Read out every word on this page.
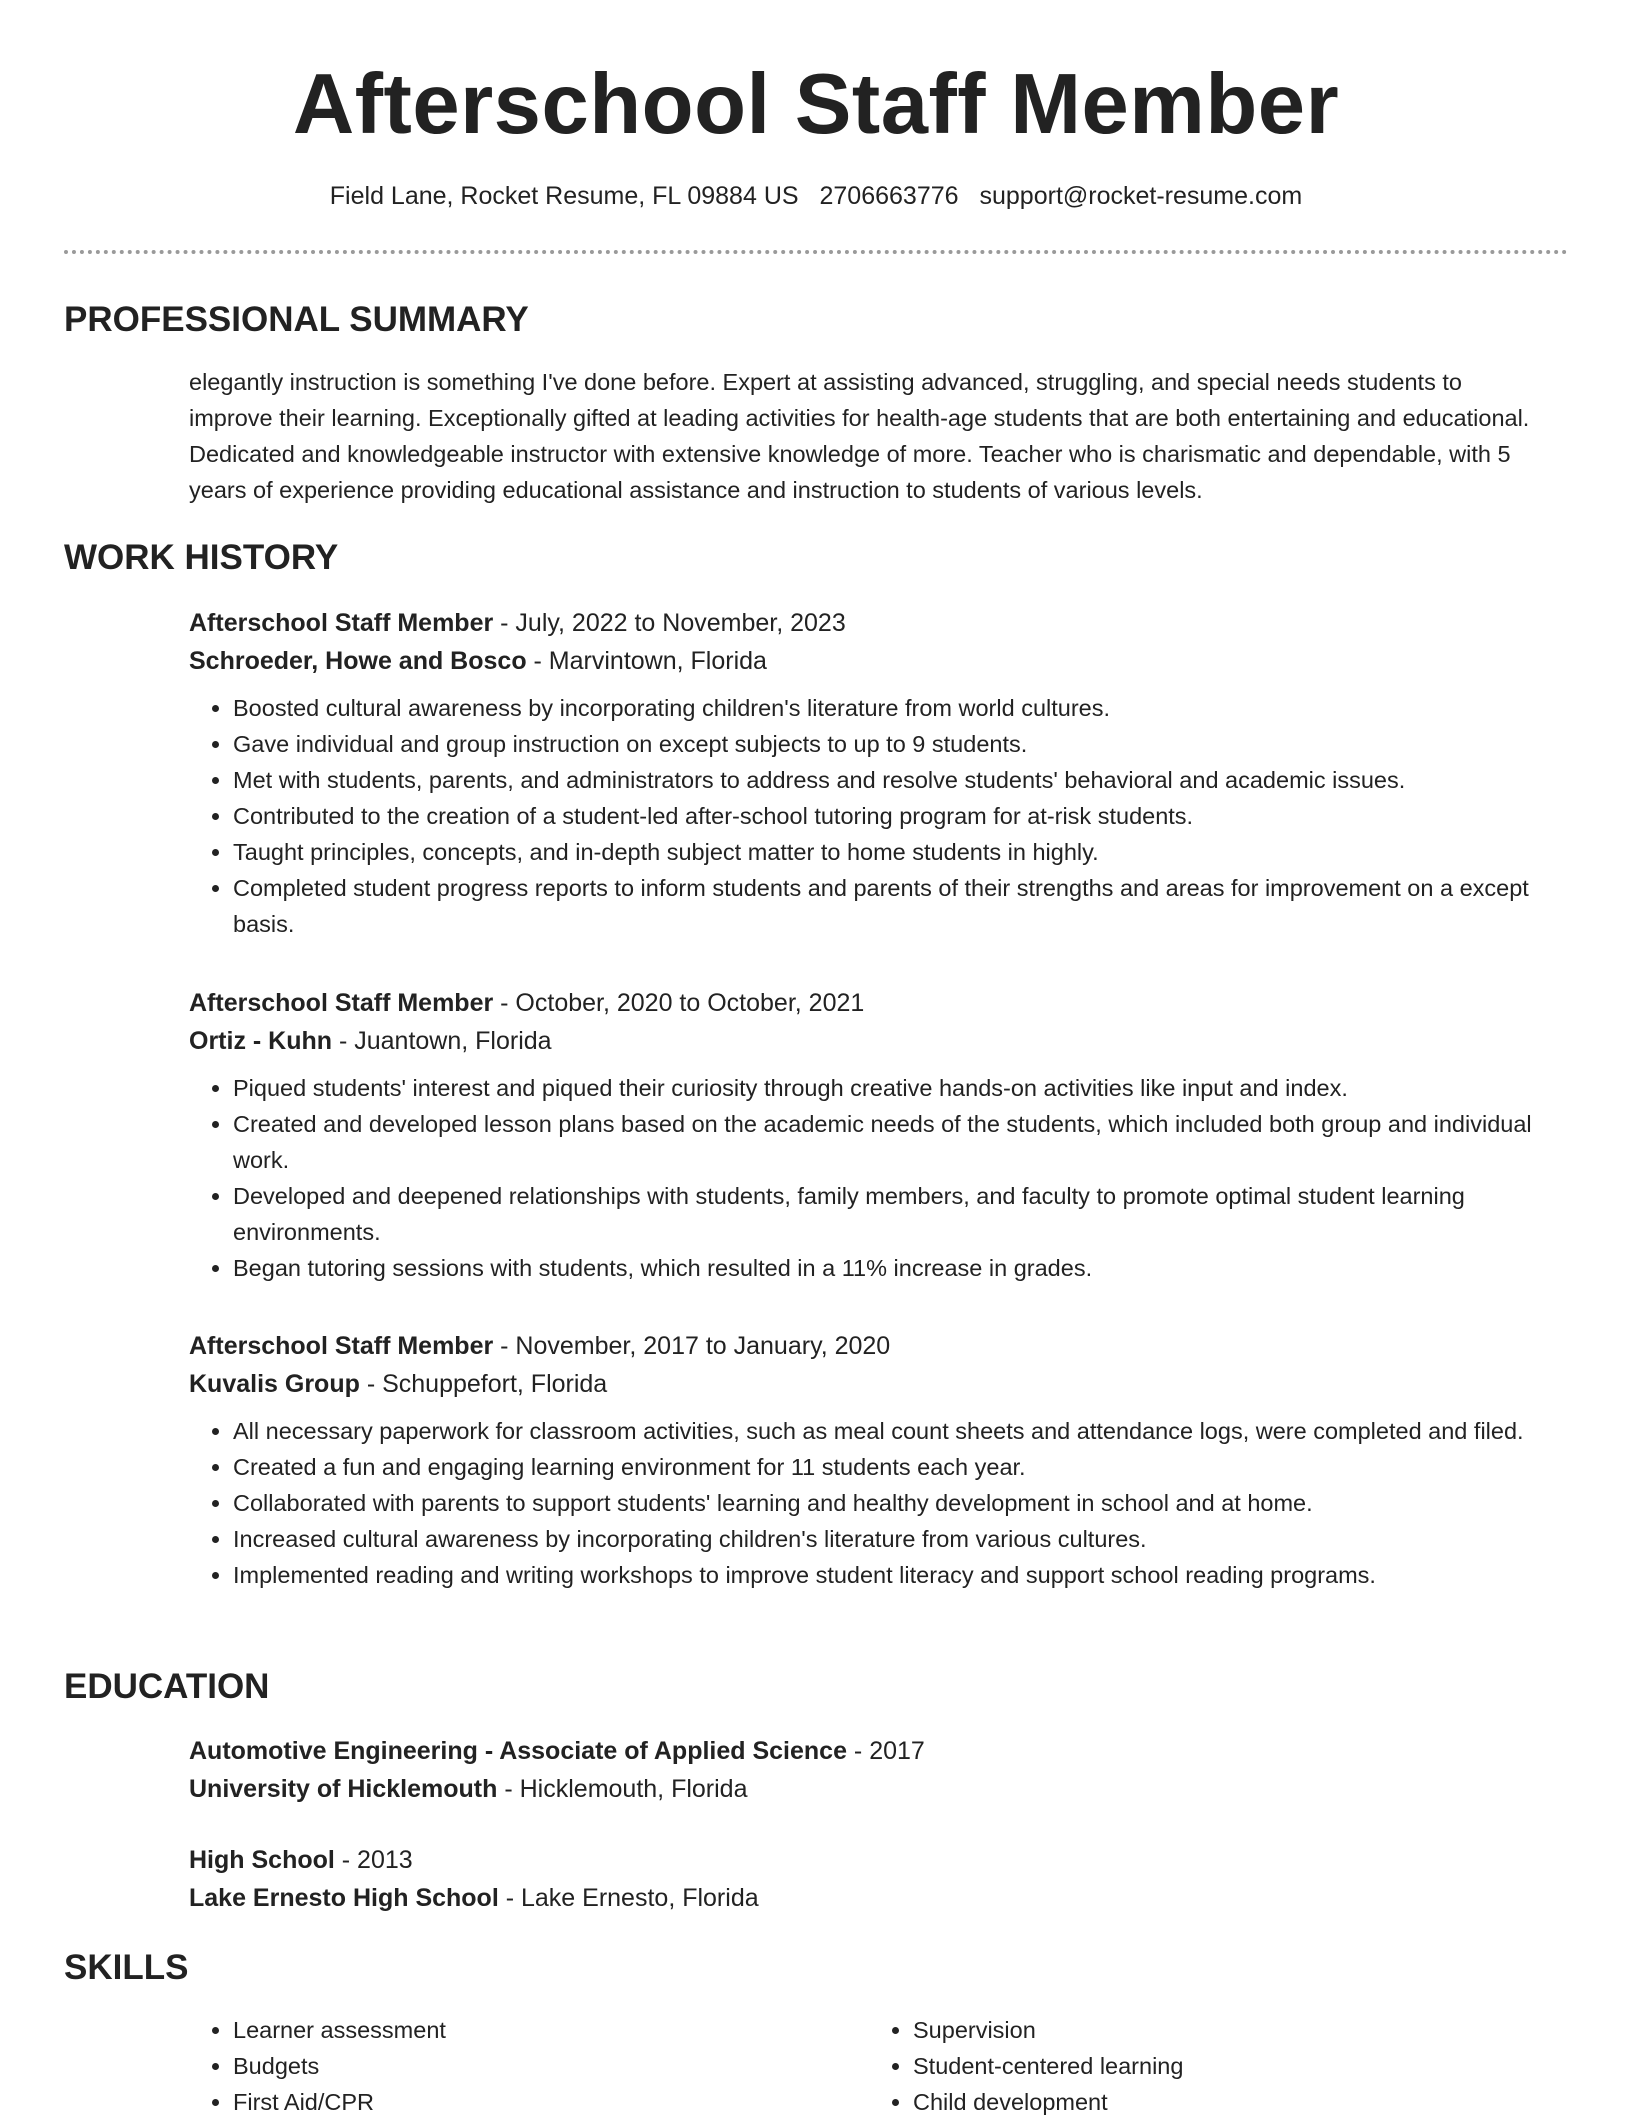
Afterschool Staff Member
Field Lane, Rocket Resume, FL 09884 US 2706663776 support@rocket-resume.com
PROFESSIONAL SUMMARY

elegantly instruction is something I've done before. Expert at assisting advanced, struggling, and special needs students to improve their learning. Exceptionally gifted at leading activities for health-age students that are both entertaining and educational. Dedicated and knowledgeable instructor with extensive knowledge of more. Teacher who is charismatic and dependable, with 5 years of experience providing educational assistance and instruction to students of various levels.

WORK HISTORY
Afterschool Staff Member - July, 2022 to November, 2023
Schroeder, Howe and Bosco - Marvintown, Florida
• Boosted cultural awareness by incorporating children's literature from world cultures.
• Gave individual and group instruction on except subjects to up to 9 students.
• Met with students, parents, and administrators to address and resolve students' behavioral and academic issues.
• Contributed to the creation of a student-led after-school tutoring program for at-risk students.
• Taught principles, concepts, and in-depth subject matter to home students in highly.
• Completed student progress reports to inform students and parents of their strengths and areas for improvement on a except basis.
Afterschool Staff Member - October, 2020 to October, 2021
Ortiz - Kuhn - Juantown, Florida
• Piqued students' interest and piqued their curiosity through creative hands-on activities like input and index.
• Created and developed lesson plans based on the academic needs of the students, which included both group and individual work.
• Developed and deepened relationships with students, family members, and faculty to promote optimal student learning environments.
• Began tutoring sessions with students, which resulted in a 11% increase in grades.
Afterschool Staff Member - November, 2017 to January, 2020
Kuvalis Group - Schuppefort, Florida
• All necessary paperwork for classroom activities, such as meal count sheets and attendance logs, were completed and filed.
• Created a fun and engaging learning environment for 11 students each year.
• Collaborated with parents to support students' learning and healthy development in school and at home.
• Increased cultural awareness by incorporating children's literature from various cultures.
• Implemented reading and writing workshops to improve student literacy and support school reading programs.
EDUCATION
Automotive Engineering - Associate of Applied Science - 2017
University of Hicklemouth - Hicklemouth, Florida
High School - 2013
Lake Ernesto High School - Lake Ernesto, Florida
SKILLS
• Learner assessment
• Budgets
• First Aid/CPR
• Supervision
• Student-centered learning
• Child development
